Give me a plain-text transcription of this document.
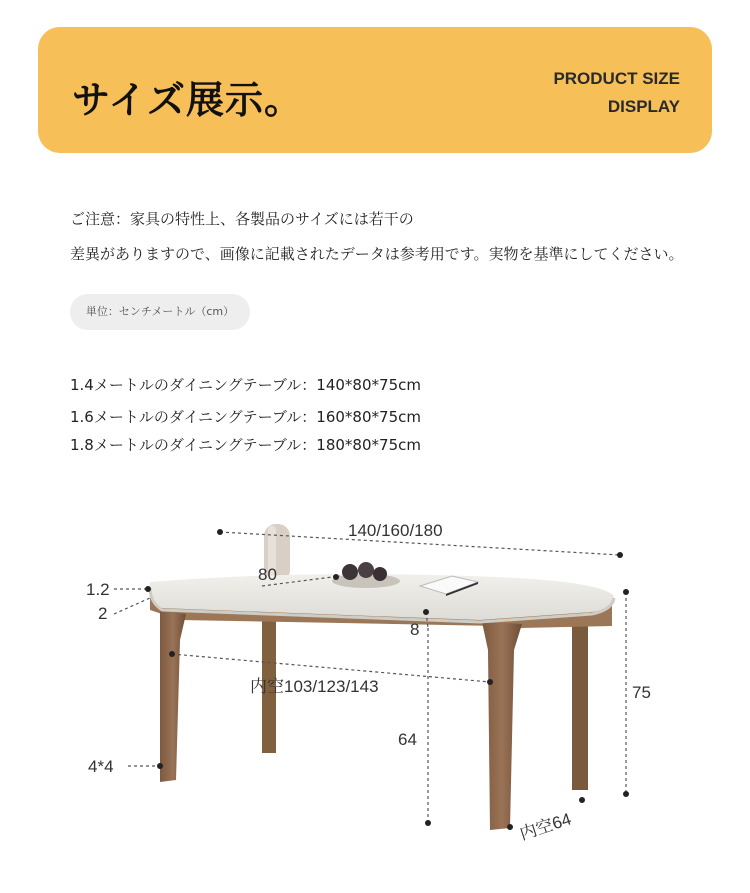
サイズ展示。	PRODUCT SIZE
DISPLAY
ご注意：家具の特性上、各製品のサイズには若干の
差異がありますので、画像に記載されたデータは参考用です。実物を基準にしてください。
単位：センチメートル（cm）
1.4メートルのダイニングテーブル：140*80*75cm
1.6メートルのダイニングテーブル：160*80*75cm
1.8メートルのダイニングテーブル：180*80*75cm
140/160/180
80
1.2
2
8
内空103/123/143	75
64
4*4
内空64
